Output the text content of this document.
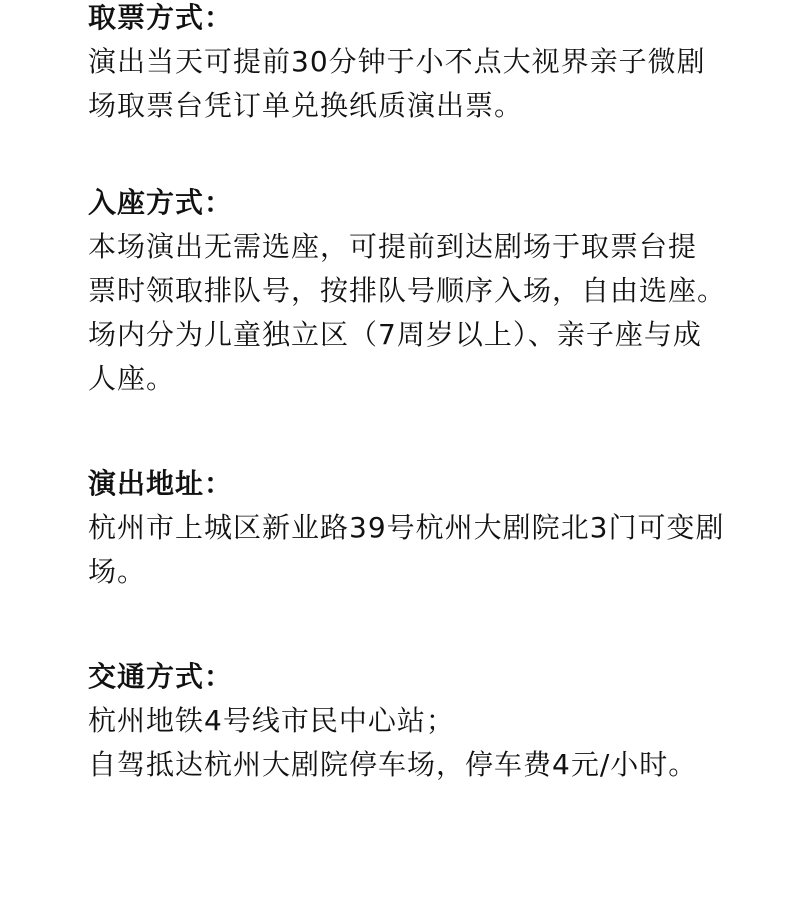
取票方式：
演出当天可提前30分钟于小不点大视界亲子微剧
场取票台凭订单兑换纸质演出票。
入座方式：
本场演出无需选座，可提前到达剧场于取票台提
票时领取排队号，按排队号顺序入场，自由选座。
场内分为儿童独立区（7周岁以上）、亲子座与成
人座。
演出地址：
杭州市上城区新业路39号杭州大剧院北3门可变剧
场。
交通方式：
杭州地铁4号线市民中心站；
自驾抵达杭州大剧院停车场，停车费4元/小时。
